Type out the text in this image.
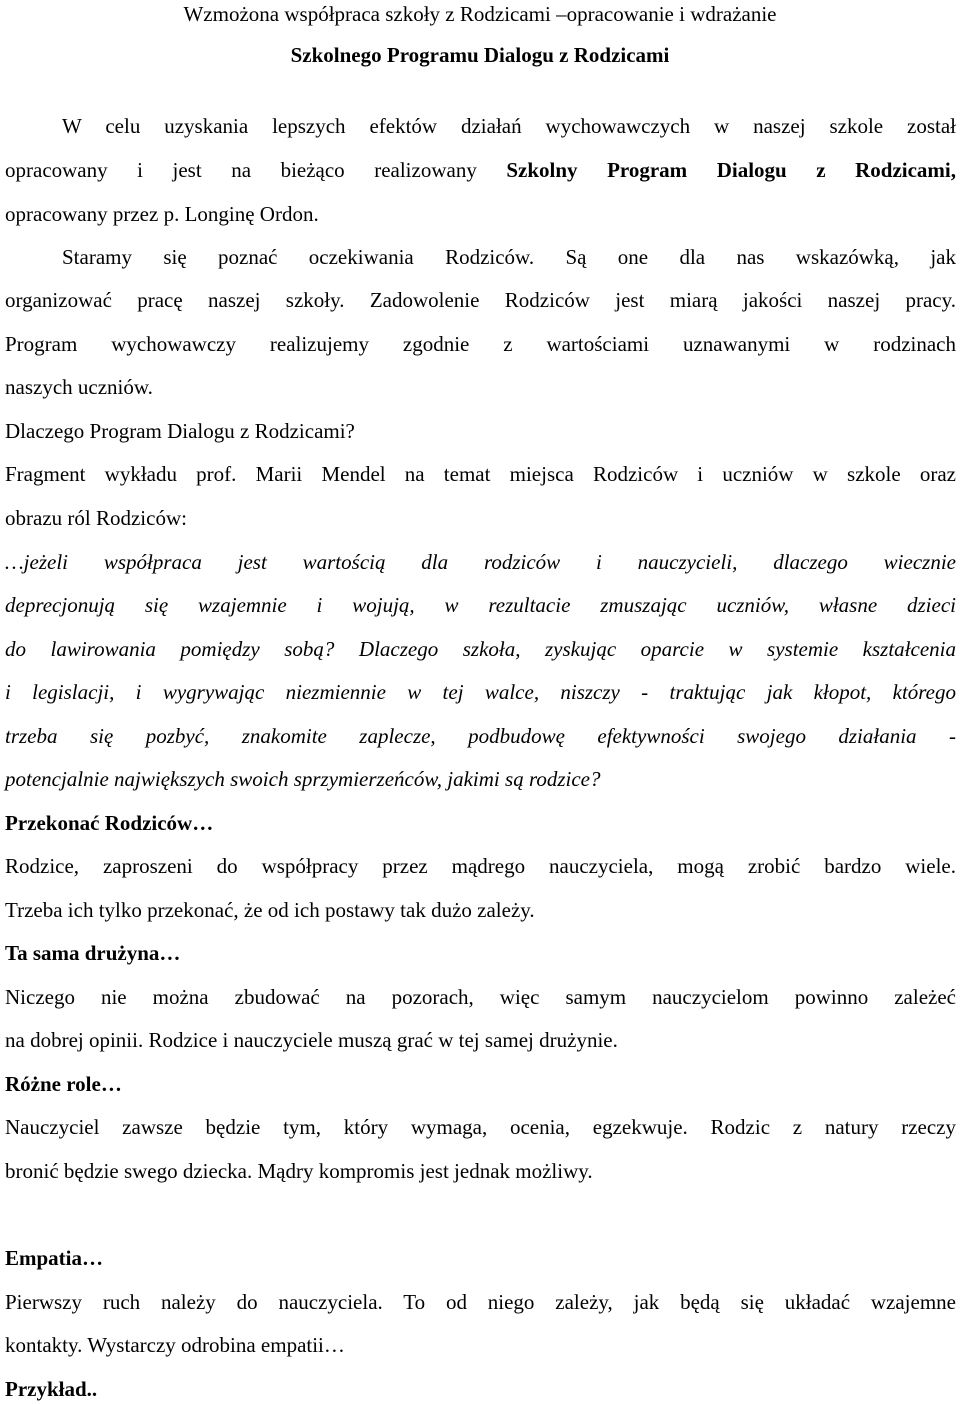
Wzmożona współpraca szkoły z Rodzicami –opracowanie i wdrażanie
Szkolnego Programu Dialogu z Rodzicami
W celu uzyskania lepszych efektów działań wychowawczych w naszej szkole został
opracowany i jest na bieżąco realizowany Szkolny Program Dialogu z Rodzicami,
opracowany przez p. Longinę Ordon.
Staramy się poznać oczekiwania Rodziców. Są one dla nas wskazówką, jak
organizować pracę naszej szkoły. Zadowolenie Rodziców jest miarą jakości naszej pracy.
Program wychowawczy realizujemy zgodnie z wartościami uznawanymi w rodzinach
naszych uczniów.
Dlaczego Program Dialogu z Rodzicami?
Fragment wykładu prof. Marii Mendel na temat miejsca Rodziców i uczniów w szkole oraz
obrazu ról Rodziców:
…jeżeli współpraca jest wartością dla rodziców i nauczycieli, dlaczego wiecznie
deprecjonują się wzajemnie i wojują, w rezultacie zmuszając uczniów, własne dzieci
do lawirowania pomiędzy sobą? Dlaczego szkoła, zyskując oparcie w systemie kształcenia
i legislacji, i wygrywając niezmiennie w tej walce, niszczy - traktując jak kłopot, którego
trzeba się pozbyć, znakomite zaplecze, podbudowę efektywności swojego działania -
potencjalnie największych swoich sprzymierzeńców, jakimi są rodzice?
Przekonać Rodziców…
Rodzice, zaproszeni do współpracy przez mądrego nauczyciela, mogą zrobić bardzo wiele.
Trzeba ich tylko przekonać, że od ich postawy tak dużo zależy.
Ta sama drużyna…
Niczego nie można zbudować na pozorach, więc samym nauczycielom powinno zależeć
na dobrej opinii. Rodzice i nauczyciele muszą grać w tej samej drużynie.
Różne role…
Nauczyciel zawsze będzie tym, który wymaga, ocenia, egzekwuje. Rodzic z natury rzeczy
bronić będzie swego dziecka. Mądry kompromis jest jednak możliwy.
Empatia…
Pierwszy ruch należy do nauczyciela. To od niego zależy, jak będą się układać wzajemne
kontakty. Wystarczy odrobina empatii…
Przykład..
